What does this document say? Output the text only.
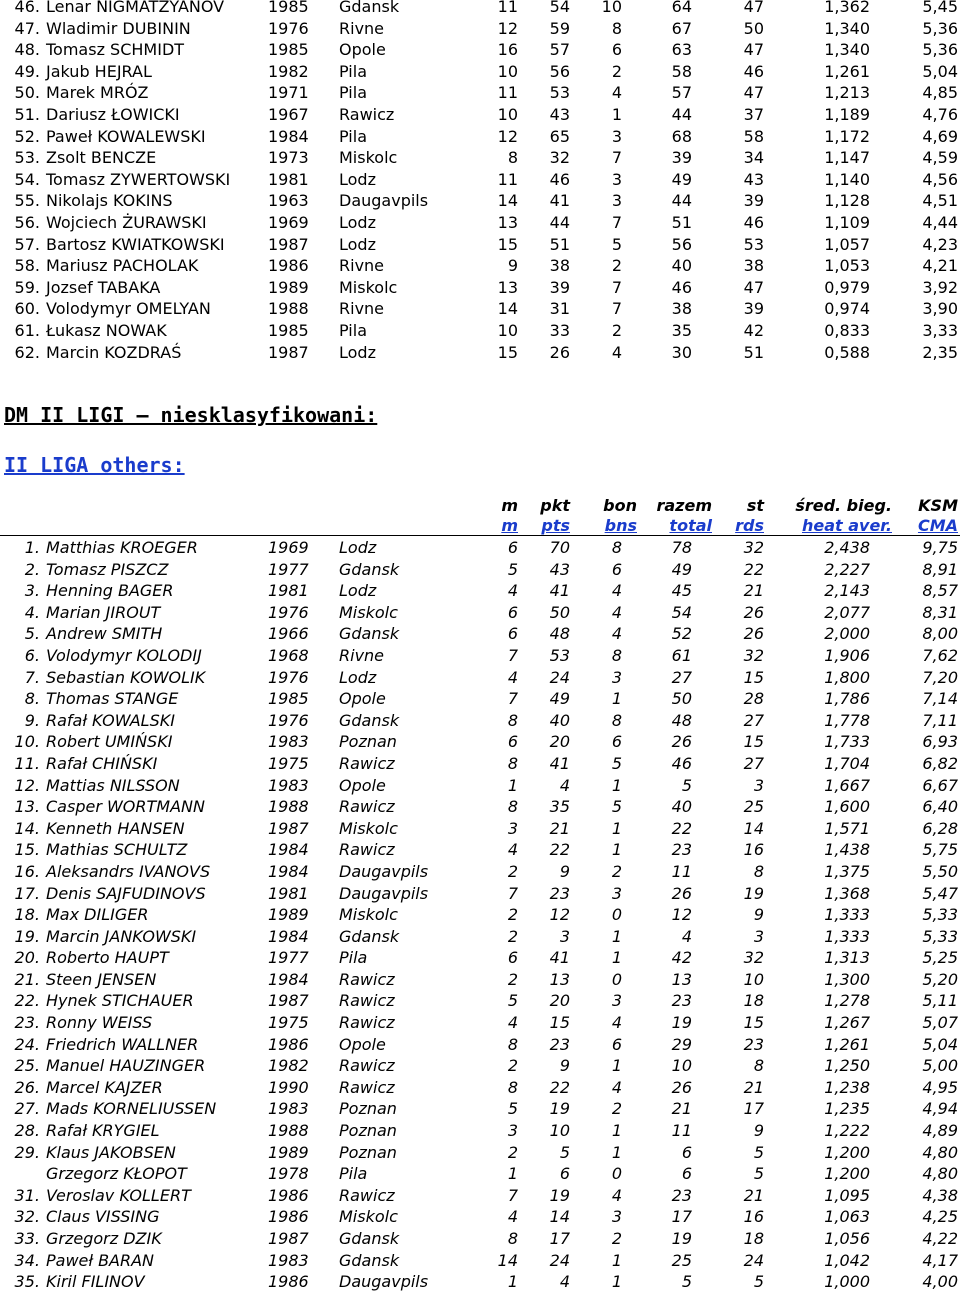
46. Lenar NIGMATZYANOV	1985 Gdansk	11	54	10	64	47	1,362	5,45
47. Wladimir DUBININ	1976 Rivne	12	59	8	67	50	1,340	5,36
48. Tomasz SCHMIDT	1985 Opole	16	57	6	63	47	1,340	5,36
49. Jakub HEJRAL	1982 Pila	10	56	2	58	46	1,261	5,04
50. Marek MRÓZ	1971 Pila	11	53	4	57	47	1,213	4,85
51. Dariusz ŁOWICKI	1967 Rawicz	10	43	1	44	37	1,189	4,76
52. Paweł KOWALEWSKI	1984 Pila	12	65	3	68	58	1,172	4,69
53. Zsolt BENCZE	1973 Miskolc	8	32	7	39	34	1,147	4,59
54. Tomasz ZYWERTOWSKI 1981 Lodz	11	46	3	49	43	1,140	4,56
55. Nikolajs KOKINS	1963 Daugavpils	14	41	3	44	39	1,128	4,51
56. Wojciech ŻURAWSKI	1969 Lodz	13	44	7	51	46	1,109	4,44
57. Bartosz KWIATKOWSKI	1987 Lodz	15	51	5	56	53	1,057	4,23
58. Mariusz PACHOLAK	1986 Rivne	9	38	2	40	38	1,053	4,21
59. Jozsef TABAKA	1989 Miskolc	13	39	7	46	47	0,979	3,92
60. Volodymyr OMELYAN	1988 Rivne	14	31	7	38	39	0,974	3,90
61. Łukasz NOWAK	1985 Pila	10	33	2	35	42	0,833	3,33
62. Marcin KOZDRAŚ	1987 Lodz	15	26	4	30	51	0,588	2,35
DM II LIGI – niesklasyfikowani:
II LIGA others:
m	pkt	bon	razem	st	śred. bieg.	KSM
m	pts	bns	total	rds	heat aver.	CMA
1. Matthias KROEGER	1969 Lodz	6	70	8	78	32	2,438	9,75
2. Tomasz PISZCZ	1977 Gdansk	5	43	6	49	22	2,227	8,91
3. Henning BAGER	1981 Lodz	4	41	4	45	21	2,143	8,57
4. Marian JIROUT	1976 Miskolc	6	50	4	54	26	2,077	8,31
5. Andrew SMITH	1966 Gdansk	6	48	4	52	26	2,000	8,00
6. Volodymyr KOLODIJ	1968 Rivne	7	53	8	61	32	1,906	7,62
7. Sebastian KOWOLIK	1976 Lodz	4	24	3	27	15	1,800	7,20
8. Thomas STANGE	1985 Opole	7	49	1	50	28	1,786	7,14
9. Rafał KOWALSKI	1976 Gdansk	8	40	8	48	27	1,778	7,11
10. Robert UMIŃSKI	1983 Poznan	6	20	6	26	15	1,733	6,93
11. Rafał CHIŃSKI	1975 Rawicz	8	41	5	46	27	1,704	6,82
12. Mattias NILSSON	1983 Opole	1	4	1	5	3	1,667	6,67
13. Casper WORTMANN	1988 Rawicz	8	35	5	40	25	1,600	6,40
14. Kenneth HANSEN	1987 Miskolc	3	21	1	22	14	1,571	6,28
15. Mathias SCHULTZ	1984 Rawicz	4	22	1	23	16	1,438	5,75
16. Aleksandrs IVANOVS	1984 Daugavpils	2	9	2	11	8	1,375	5,50
17. Denis SAJFUDINOVS	1981 Daugavpils	7	23	3	26	19	1,368	5,47
18. Max DILIGER	1989 Miskolc	2	12	0	12	9	1,333	5,33
19. Marcin JANKOWSKI	1984 Gdansk	2	3	1	4	3	1,333	5,33
20. Roberto HAUPT	1977 Pila	6	41	1	42	32	1,313	5,25
21. Steen JENSEN	1984 Rawicz	2	13	0	13	10	1,300	5,20
22. Hynek STICHAUER	1987 Rawicz	5	20	3	23	18	1,278	5,11
23. Ronny WEISS	1975 Rawicz	4	15	4	19	15	1,267	5,07
24. Friedrich WALLNER	1986 Opole	8	23	6	29	23	1,261	5,04
25. Manuel HAUZINGER	1982 Rawicz	2	9	1	10	8	1,250	5,00
26. Marcel KAJZER	1990 Rawicz	8	22	4	26	21	1,238	4,95
27. Mads KORNELIUSSEN	1983 Poznan	5	19	2	21	17	1,235	4,94
28. Rafał KRYGIEL	1988 Poznan	3	10	1	11	9	1,222	4,89
29. Klaus JAKOBSEN	1989 Poznan	2	5	1	6	5	1,200	4,80
Grzegorz KŁOPOT	1978 Pila	1	6	0	6	5	1,200	4,80
31. Veroslav KOLLERT	1986 Rawicz	7	19	4	23	21	1,095	4,38
32. Claus VISSING	1986 Miskolc	4	14	3	17	16	1,063	4,25
33. Grzegorz DZIK	1987 Gdansk	8	17	2	19	18	1,056	4,22
34. Paweł BARAN	1983 Gdansk	14	24	1	25	24	1,042	4,17
35. Kiril FILINOV	1986 Daugavpils	1	4	1	5	5	1,000	4,00
